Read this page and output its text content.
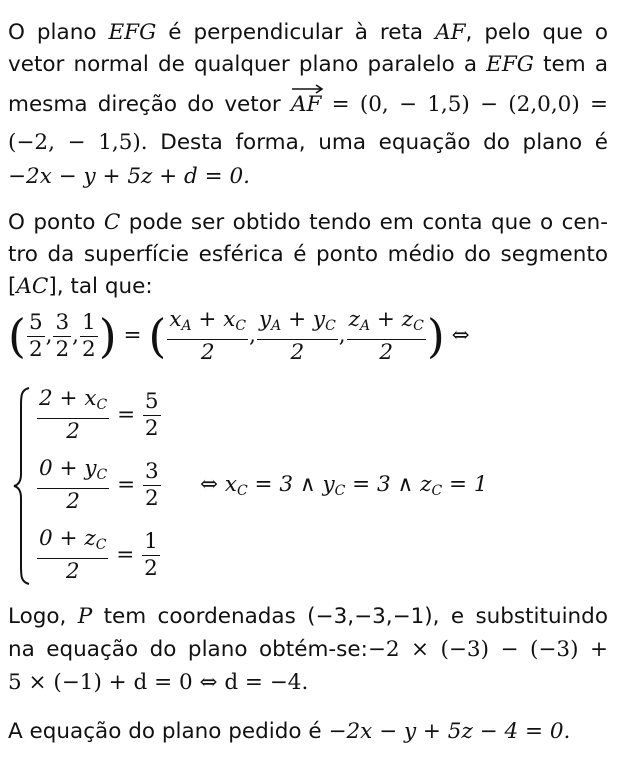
O plano EFG é perpendicular à reta AF, pelo que o
vetor normal de qualquer plano paralelo a EFG tem a
mesma direção do vetor
AF = (0, − 1,5) − (2,0,0) =
(−2, − 1,5). Desta forma, uma equação do plano é
−2x − y + 5z + d = 0.
O ponto C pode ser obtido tendo em conta que o cen-
tro da superfície esférica é ponto médio do segmento
[AC], tal que:
( $\frac{5}{2}$ , $\frac{3}{2}$ , $\frac{1}{2}$ ) = ( $\frac{x_A + x_C}{2}$ , $\frac{y_A + y_C}{2}$ , $\frac{z_A + z_C}{2}$ ) ⇔
$\frac{2 + x_C}{2} = \frac{5}{2}$
$\frac{0 + y_C}{2} = \frac{3}{2}$
$\frac{0 + z_C}{2} = \frac{1}{2}$
⇔ $x_C = 3$ ∧ $y_C = 3$ ∧ $z_C = 1$
Logo, P tem coordenadas (−3,−3,−1), e substituindo
na equação do plano obtém-se:−2 × (−3) − (−3) +
5 × (−1) + d = 0 ⇔ d = −4.
A equação do plano pedido é −2x − y + 5z − 4 = 0.
